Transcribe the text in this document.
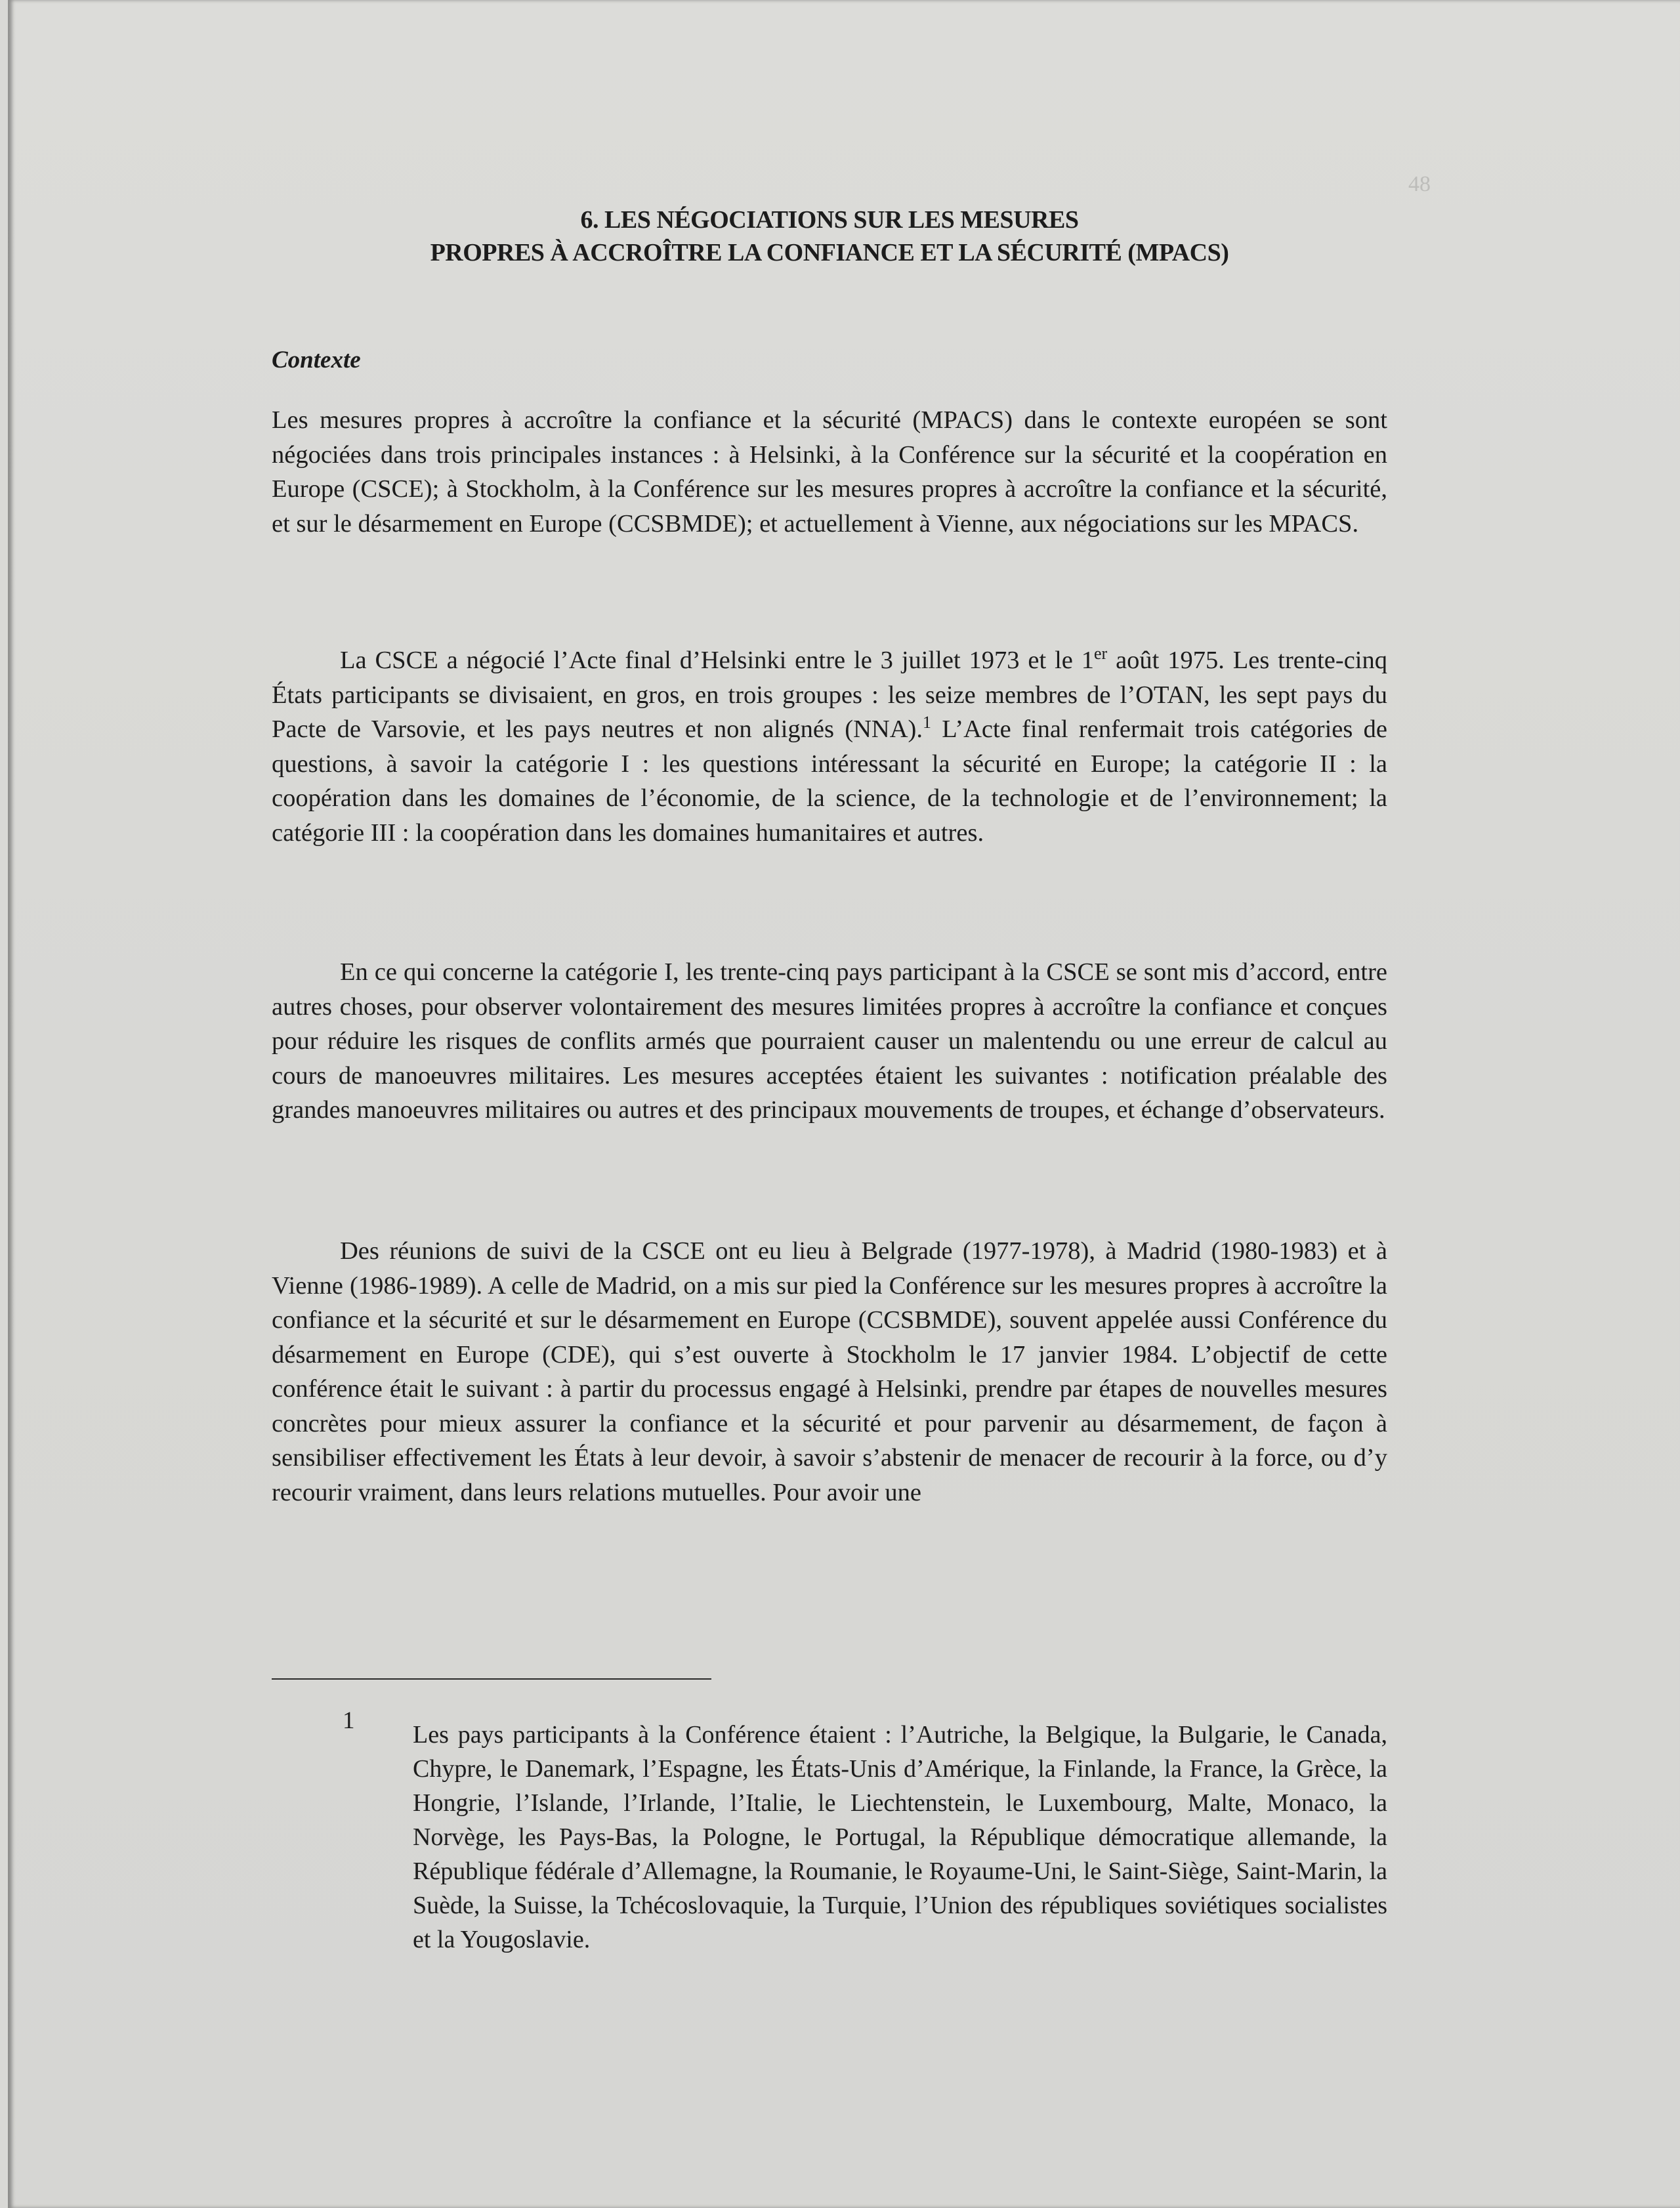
48
6. LES NÉGOCIATIONS SUR LES MESURES
PROPRES À ACCROÎTRE LA CONFIANCE ET LA SÉCURITÉ (MPACS)
Contexte

Les mesures propres à accroître la confiance et la sécurité (MPACS) dans le contexte européen se sont négociées dans trois principales instances : à Helsinki, à la Conférence sur la sécurité et la coopération en Europe (CSCE); à Stockholm, à la Conférence sur les mesures propres à accroître la confiance et la sécurité, et sur le désarmement en Europe (CCSBMDE); et actuellement à Vienne, aux négociations sur les MPACS.

La CSCE a négocié l’Acte final d’Helsinki entre le 3 juillet 1973 et le 1er août 1975. Les trente-cinq États participants se divisaient, en gros, en trois groupes : les seize membres de l’OTAN, les sept pays du Pacte de Varsovie, et les pays neutres et non alignés (NNA).$^1$ L’Acte final renfermait trois catégories de questions, à savoir la catégorie I : les questions intéressant la sécurité en Europe; la catégorie II : la coopération dans les domaines de l’économie, de la science, de la technologie et de l’environnement; la catégorie III : la coopération dans les domaines humanitaires et autres.

En ce qui concerne la catégorie I, les trente-cinq pays participant à la CSCE se sont mis d’accord, entre autres choses, pour observer volontairement des mesures limitées propres à accroître la confiance et conçues pour réduire les risques de conflits armés que pourraient causer un malentendu ou une erreur de calcul au cours de manoeuvres militaires. Les mesures acceptées étaient les suivantes : notification préalable des grandes manoeuvres militaires ou autres et des principaux mouvements de troupes, et échange d’observateurs.

Des réunions de suivi de la CSCE ont eu lieu à Belgrade (1977-1978), à Madrid (1980-1983) et à Vienne (1986-1989). A celle de Madrid, on a mis sur pied la Conférence sur les mesures propres à accroître la confiance et la sécurité et sur le désarmement en Europe (CCSBMDE), souvent appelée aussi Conférence du désarmement en Europe (CDE), qui s’est ouverte à Stockholm le 17 janvier 1984. L’objectif de cette conférence était le suivant : à partir du processus engagé à Helsinki, prendre par étapes de nouvelles mesures concrètes pour mieux assurer la confiance et la sécurité et pour parvenir au désarmement, de façon à sensibiliser effectivement les États à leur devoir, à savoir s’abstenir de menacer de recourir à la force, ou d’y recourir vraiment, dans leurs relations mutuelles. Pour avoir une

1

Les pays participants à la Conférence étaient : l’Autriche, la Belgique, la Bulgarie, le Canada, Chypre, le Danemark, l’Espagne, les États-Unis d’Amérique, la Finlande, la France, la Grèce, la Hongrie, l’Islande, l’Irlande, l’Italie, le Liechtenstein, le Luxembourg, Malte, Monaco, la Norvège, les Pays-Bas, la Pologne, le Portugal, la République démocratique allemande, la République fédérale d’Allemagne, la Roumanie, le Royaume-Uni, le Saint-Siège, Saint-Marin, la Suède, la Suisse, la Tchécoslovaquie, la Turquie, l’Union des républiques soviétiques socialistes et la Yougoslavie.
